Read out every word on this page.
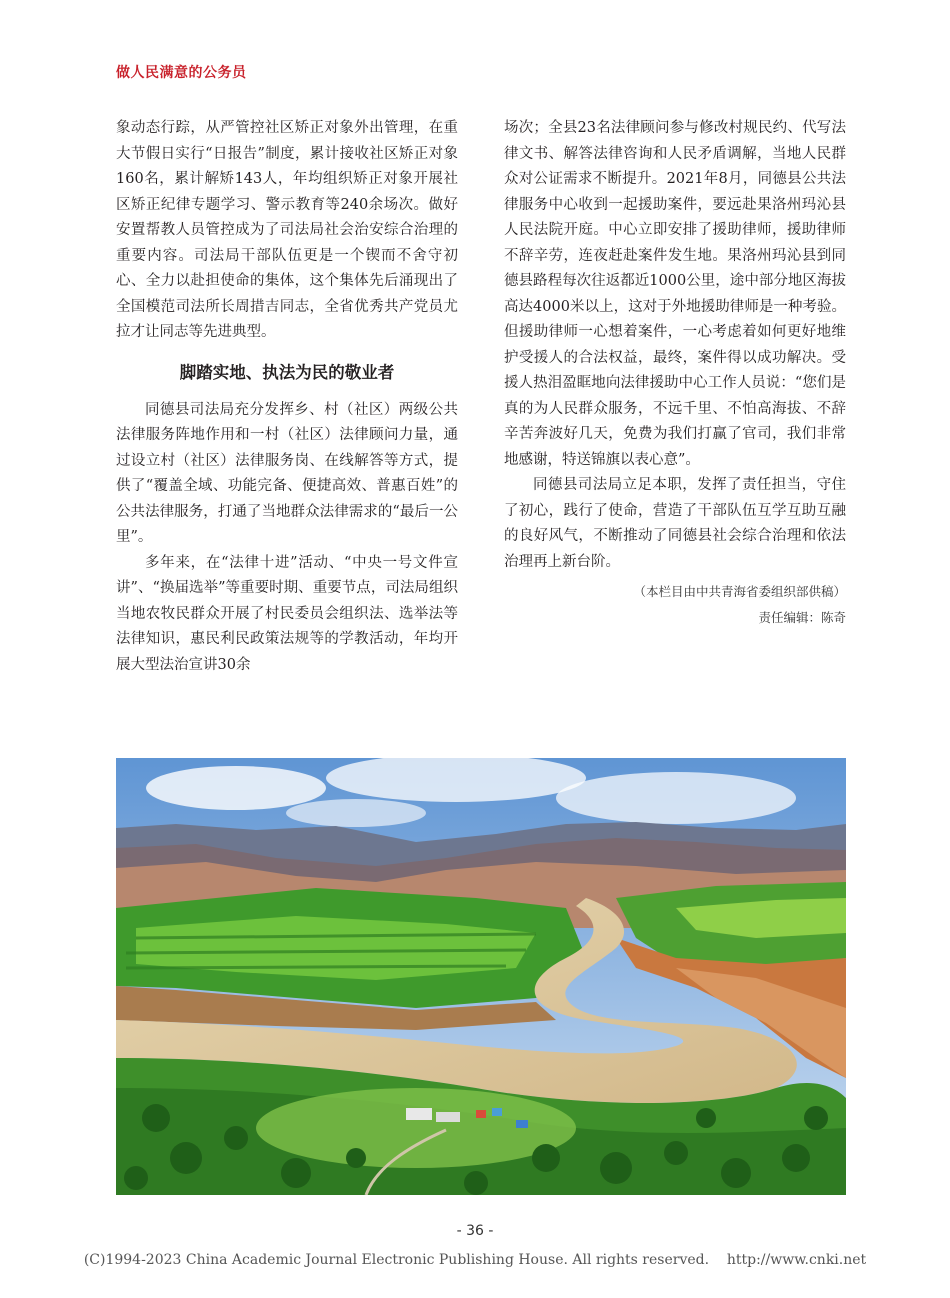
做人民满意的公务员

象动态行踪，从严管控社区矫正对象外出管理，在重大节假日实行“日报告”制度，累计接收社区矫正对象160名，累计解矫143人，年均组织矫正对象开展社区矫正纪律专题学习、警示教育等240余场次。做好安置帮教人员管控成为了司法局社会治安综合治理的重要内容。司法局干部队伍更是一个锲而不舍守初心、全力以赴担使命的集体，这个集体先后涌现出了全国模范司法所长周措吉同志，全省优秀共产党员尤拉才让同志等先进典型。

脚踏实地、执法为民的敬业者

同德县司法局充分发挥乡、村（社区）两级公共法律服务阵地作用和一村（社区）法律顾问力量，通过设立村（社区）法律服务岗、在线解答等方式，提供了“覆盖全域、功能完备、便捷高效、普惠百姓”的公共法律服务，打通了当地群众法律需求的“最后一公里”。

多年来，在“法律十进”活动、“中央一号文件宣讲”、“换届选举”等重要时期、重要节点，司法局组织当地农牧民群众开展了村民委员会组织法、选举法等法律知识，惠民利民政策法规等的学教活动，年均开展大型法治宣讲30余

场次；全县23名法律顾问参与修改村规民约、代写法律文书、解答法律咨询和人民矛盾调解，当地人民群众对公证需求不断提升。2021年8月，同德县公共法律服务中心收到一起援助案件，要远赴果洛州玛沁县人民法院开庭。中心立即安排了援助律师，援助律师不辞辛劳，连夜赶赴案件发生地。果洛州玛沁县到同德县路程每次往返都近1000公里，途中部分地区海拔高达4000米以上，这对于外地援助律师是一种考验。但援助律师一心想着案件，一心考虑着如何更好地维护受援人的合法权益，最终，案件得以成功解决。受援人热泪盈眶地向法律援助中心工作人员说：“您们是真的为人民群众服务，不远千里、不怕高海拔、不辞辛苦奔波好几天，免费为我们打赢了官司，我们非常地感谢，特送锦旗以表心意”。

同德县司法局立足本职，发挥了责任担当，守住了初心，践行了使命，营造了干部队伍互学互助互融的良好风气，不断推动了同德县社会综合治理和依法治理再上新台阶。

（本栏目由中共青海省委组织部供稿）

责任编辑：陈奇

- 36 -
(C)1994-2023 China Academic Journal Electronic Publishing House. All rights reserved.    http://www.cnki.net
